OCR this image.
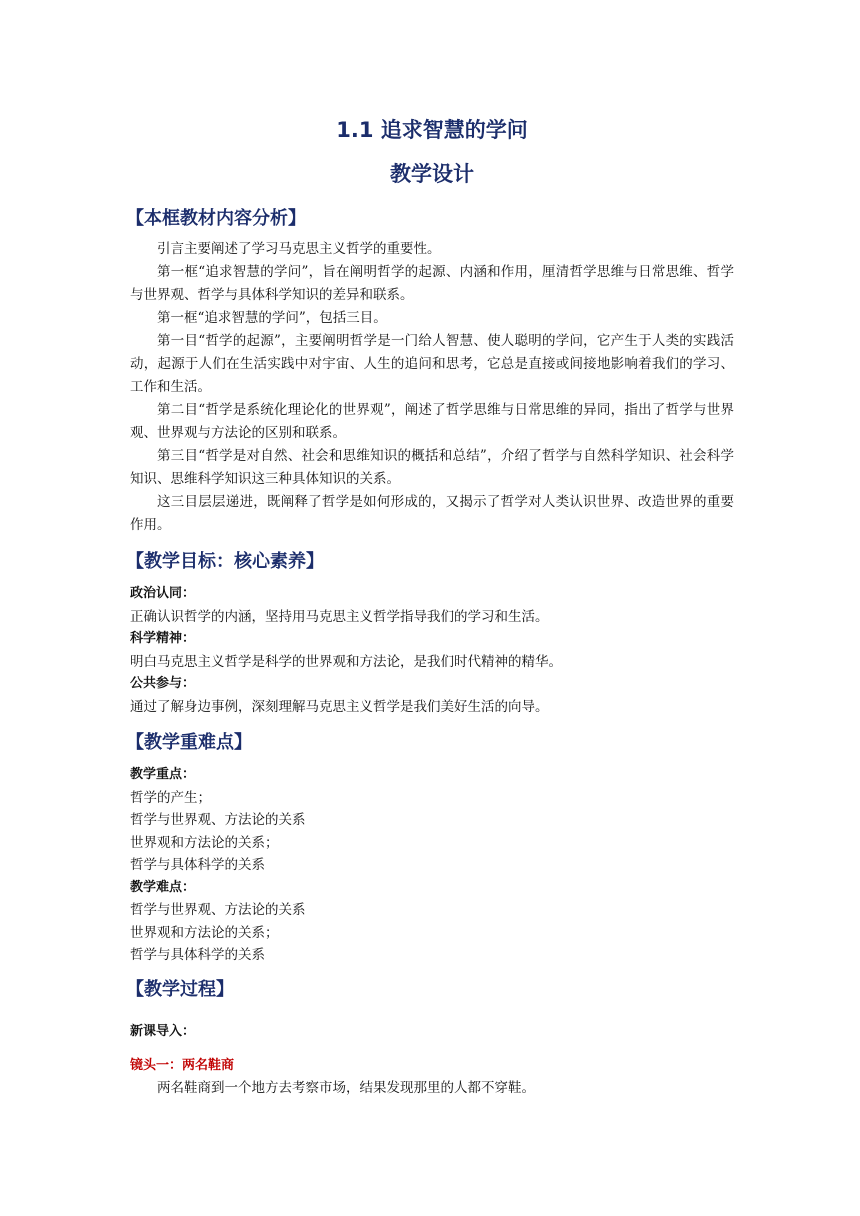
1.1 追求智慧的学问
教学设计
【本框教材内容分析】

引言主要阐述了学习马克思主义哲学的重要性。

第一框“追求智慧的学问”，旨在阐明哲学的起源、内涵和作用，厘清哲学思维与日常思维、哲学与世界观、哲学与具体科学知识的差异和联系。

第一框“追求智慧的学问”，包括三目。

第一目“哲学的起源”，主要阐明哲学是一门给人智慧、使人聪明的学问，它产生于人类的实践活动，起源于人们在生活实践中对宇宙、人生的追问和思考，它总是直接或间接地影响着我们的学习、工作和生活。

第二目“哲学是系统化理论化的世界观”，阐述了哲学思维与日常思维的异同，指出了哲学与世界观、世界观与方法论的区别和联系。

第三目“哲学是对自然、社会和思维知识的概括和总结”，介绍了哲学与自然科学知识、社会科学知识、思维科学知识这三种具体知识的关系。

这三目层层递进，既阐释了哲学是如何形成的，又揭示了哲学对人类认识世界、改造世界的重要作用。

【教学目标：核心素养】

政治认同：

正确认识哲学的内涵，坚持用马克思主义哲学指导我们的学习和生活。

科学精神：

明白马克思主义哲学是科学的世界观和方法论，是我们时代精神的精华。

公共参与：

通过了解身边事例，深刻理解马克思主义哲学是我们美好生活的向导。

【教学重难点】

教学重点：

哲学的产生；

哲学与世界观、方法论的关系

世界观和方法论的关系；

哲学与具体科学的关系

教学难点：

哲学与世界观、方法论的关系

世界观和方法论的关系；

哲学与具体科学的关系

【教学过程】

新课导入：

镜头一：两名鞋商

两名鞋商到一个地方去考察市场，结果发现那里的人都不穿鞋。
